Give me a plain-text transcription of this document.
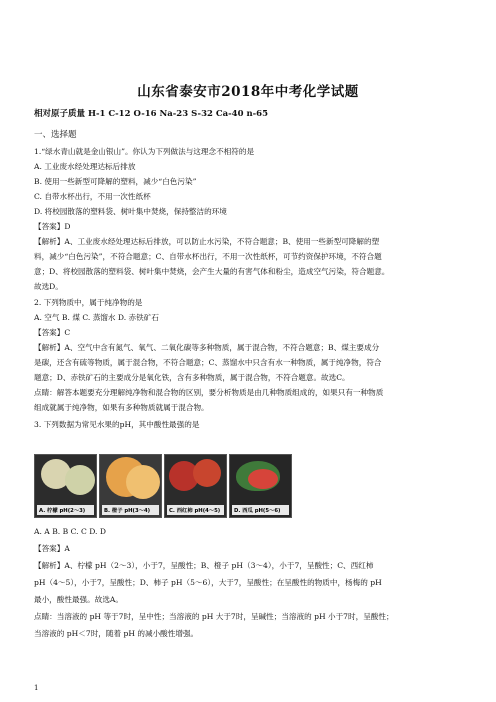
山东省泰安市2018年中考化学试题
相对原子质量 H-1 C-12 O-16 Na-23 S-32 Ca-40 n-65
一、选择题
1.“绿水青山就是金山银山”。你认为下列做法与这理念不相符的是
A. 工业废水经处理达标后排放
B. 使用一些新型可降解的塑料，减少“白色污染”
C. 自带水杯出行，不用一次性纸杯
D. 将校园散落的塑料袋、树叶集中焚烧，保持整洁的环境
【答案】D
【解析】A、工业废水经处理达标后排放，可以防止水污染，不符合题意；B、使用一些新型可降解的塑
料，减少“白色污染”，不符合题意；C、自带水杯出行，不用一次性纸杯，可节约资保护环境，不符合题
意；D、将校园散落的塑料袋、树叶集中焚烧，会产生大量的有害气体和粉尘，造成空气污染，符合题意。
故选D。
2. 下列物质中，属于纯净物的是
A. 空气 B. 煤 C. 蒸馏水 D. 赤铁矿石
【答案】C
【解析】A、空气中含有氮气、氧气、二氧化碳等多种物质，属于混合物，不符合题意；B、煤主要成分
是碳，还含有硫等物质，属于混合物，不符合题意；C、蒸馏水中只含有水一种物质，属于纯净物，符合
题意；D、赤铁矿石的主要成分是氧化铁，含有多种物质，属于混合物，不符合题意。故选C。
点睛：解答本题要充分理解纯净物和混合物的区别，要分析物质是由几种物质组成的，如果只有一种物质
组成就属于纯净物，如果有多种物质就属于混合物。
3. 下列数据为常见水果的pH，其中酸性最强的是
A. 柠檬 pH(2～3)	B. 橙子 pH(3～4)	C. 西红柿 pH(4～5)	D. 西瓜 pH(5～6)
A. A B. B C. C D. D
【答案】A
【解析】A、柠檬 pH（2～3），小于7，呈酸性；B、橙子 pH（3～4），小于7，呈酸性；C、西红柿
pH（4～5），小于7，呈酸性；D、柿子 pH（5～6），大于7，呈酸性；在呈酸性的物质中，杨梅的 pH
最小，酸性最强。故选A。
点睛：当溶液的 pH 等于7时，呈中性；当溶液的 pH 大于7时，呈碱性；当溶液的 pH 小于7时，呈酸性；
当溶液的 pH＜7时，随着 pH 的减小酸性增强。
1
